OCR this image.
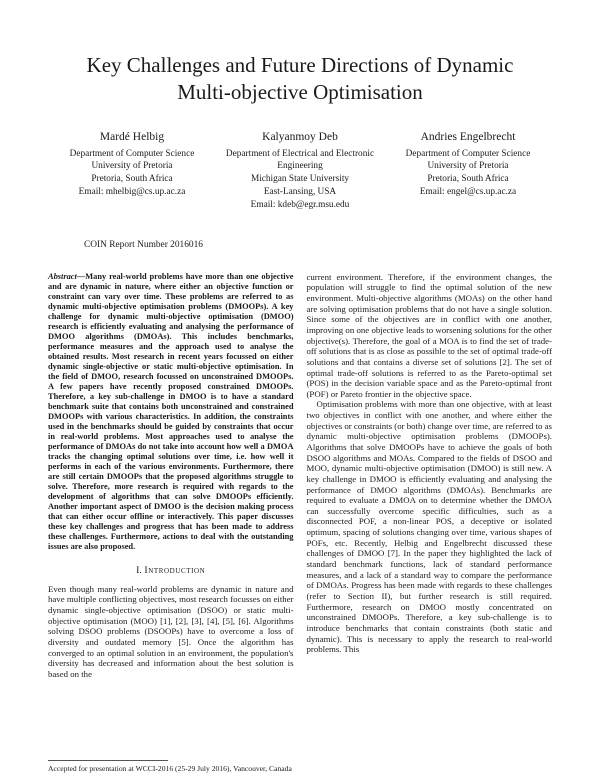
Key Challenges and Future Directions of Dynamic Multi-objective Optimisation
Mardé Helbig
Department of Computer Science
University of Pretoria
Pretoria, South Africa
Email: mhelbig@cs.up.ac.za
Kalyanmoy Deb
Department of Electrical and Electronic Engineering
Michigan State University
East-Lansing, USA
Email: kdeb@egr.msu.edu
Andries Engelbrecht
Department of Computer Science
University of Pretoria
Pretoria, South Africa
Email: engel@cs.up.ac.za
COIN Report Number 2016016

Abstract—Many real-world problems have more than one objective and are dynamic in nature, where either an objective function or constraint can vary over time. These problems are referred to as dynamic multi-objective optimisation problems (DMOOPs). A key challenge for dynamic multi-objective optimisation (DMOO) research is efficiently evaluating and analysing the performance of DMOO algorithms (DMOAs). This includes benchmarks, performance measures and the approach used to analyse the obtained results. Most research in recent years focussed on either dynamic single-objective or static multi-objective optimisation. In the field of DMOO, research focussed on unconstrained DMOOPs. A few papers have recently proposed constrained DMOOPs. Therefore, a key sub-challenge in DMOO is to have a standard benchmark suite that contains both unconstrained and constrained DMOOPs with various characteristics. In addition, the constraints used in the benchmarks should be guided by constraints that occur in real-world problems. Most approaches used to analyse the performance of DMOAs do not take into account how well a DMOA tracks the changing optimal solutions over time, i.e. how well it performs in each of the various environments. Furthermore, there are still certain DMOOPs that the proposed algorithms struggle to solve. Therefore, more research is required with regards to the development of algorithms that can solve DMOOPs efficiently. Another important aspect of DMOO is the decision making process that can either occur offline or interactively. This paper discusses these key challenges and progress that has been made to address these challenges. Furthermore, actions to deal with the outstanding issues are also proposed.

I. Introduction

Even though many real-world problems are dynamic in nature and have multiple conflicting objectives, most research focusses on either dynamic single-objective optimisation (DSOO) or static multi-objective optimisation (MOO) [1], [2], [3], [4], [5], [6]. Algorithms solving DSOO problems (DSOOPs) have to overcome a loss of diversity and outdated memory [5]. Once the algorithm has converged to an optimal solution in an environment, the population's diversity has decreased and information about the best solution is based on the

Accepted for presentation at WCCI-2016 (25-29 July 2016), Vancouver, Canada

current environment. Therefore, if the environment changes, the population will struggle to find the optimal solution of the new environment. Multi-objective algorithms (MOAs) on the other hand are solving optimisation problems that do not have a single solution. Since some of the objectives are in conflict with one another, improving on one objective leads to worsening solutions for the other objective(s). Therefore, the goal of a MOA is to find the set of trade-off solutions that is as close as possible to the set of optimal trade-off solutions and that contains a diverse set of solutions [2]. The set of optimal trade-off solutions is referred to as the Pareto-optimal set (POS) in the decision variable space and as the Pareto-optimal front (POF) or Pareto frontier in the objective space.

Optimisation problems with more than one objective, with at least two objectives in conflict with one another, and where either the objectives or constraints (or both) change over time, are referred to as dynamic multi-objective optimisation problems (DMOOPs). Algorithms that solve DMOOPs have to achieve the goals of both DSOO algorithms and MOAs. Compared to the fields of DSOO and MOO, dynamic multi-objective optimisation (DMOO) is still new. A key challenge in DMOO is efficiently evaluating and analysing the performance of DMOO algorithms (DMOAs). Benchmarks are required to evaluate a DMOA on to determine whether the DMOA can successfully overcome specific difficulties, such as a disconnected POF, a non-linear POS, a deceptive or isolated optimum, spacing of solutions changing over time, various shapes of POFs, etc. Recently, Helbig and Engelbrecht discussed these challenges of DMOO [7]. In the paper they highlighted the lack of standard benchmark functions, lack of standard performance measures, and a lack of a standard way to compare the performance of DMOAs. Progress has been made with regards to these challenges (refer to Section II), but further research is still required. Furthermore, research on DMOO mostly concentrated on unconstrained DMOOPs. Therefore, a key sub-challenge is to introduce benchmarks that contain constraints (both static and dynamic). This is necessary to apply the research to real-world problems. This
